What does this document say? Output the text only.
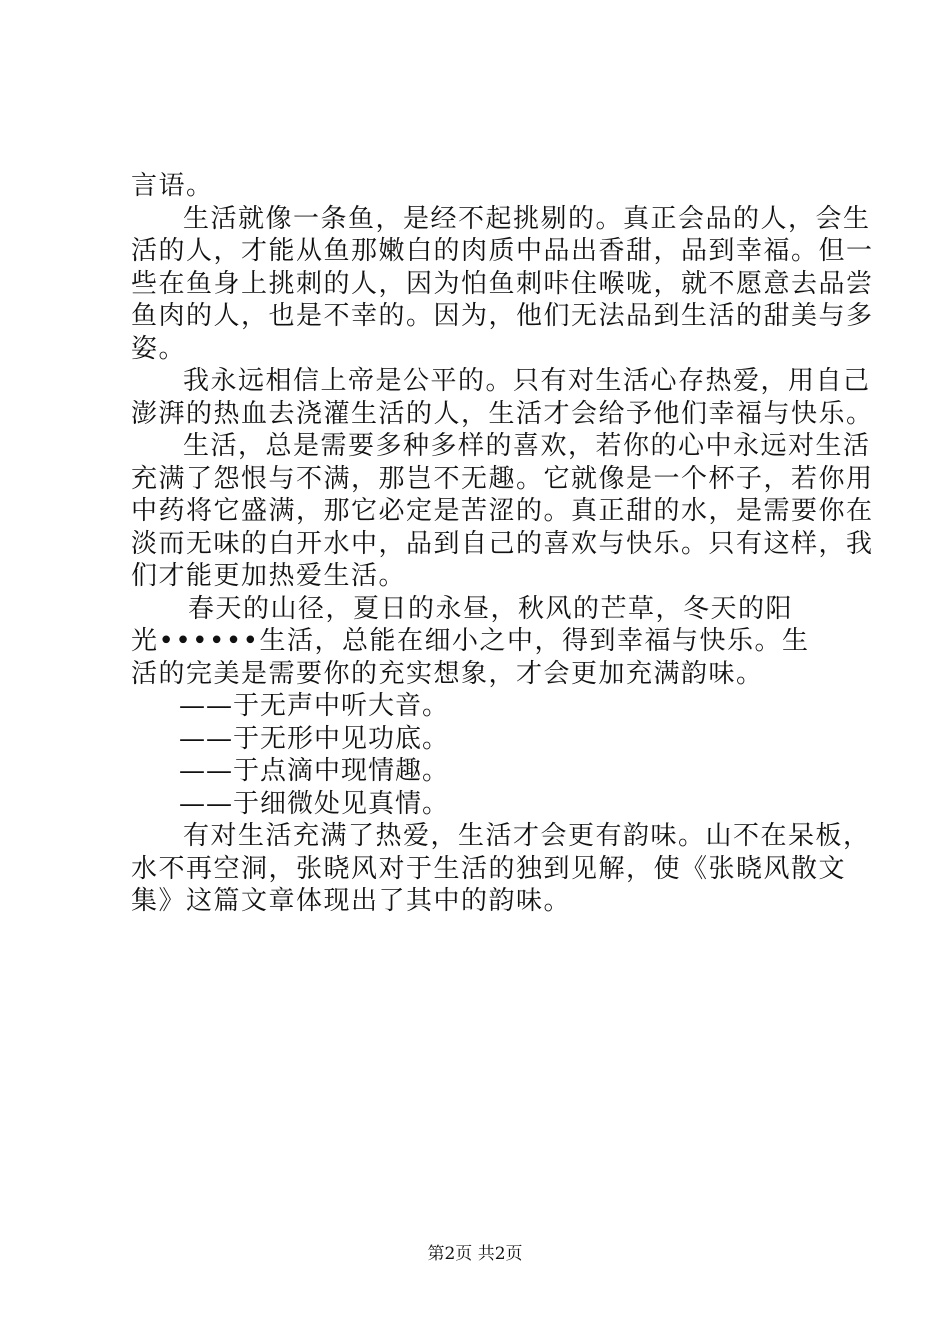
言语。

生活就像一条鱼，是经不起挑剔的。真正会品的人，会生

活的人，才能从鱼那嫩白的肉质中品出香甜，品到幸福。但一

些在鱼身上挑刺的人，因为怕鱼刺咔住喉咙，就不愿意去品尝

鱼肉的人，也是不幸的。因为，他们无法品到生活的甜美与多

姿。

我永远相信上帝是公平的。只有对生活心存热爱，用自己

澎湃的热血去浇灌生活的人，生活才会给予他们幸福与快乐。

生活，总是需要多种多样的喜欢，若你的心中永远对生活

充满了怨恨与不满，那岂不无趣。它就像是一个杯子，若你用

中药将它盛满，那它必定是苦涩的。真正甜的水，是需要你在

淡而无味的白开水中，品到自己的喜欢与快乐。只有这样，我

们才能更加热爱生活。

春天的山径，夏日的永昼，秋风的芒草，冬天的阳

光••••••生活，总能在细小之中，得到幸福与快乐。生

活的完美是需要你的充实想象，才会更加充满韵味。

——于无声中听大音。

——于无形中见功底。

——于点滴中现情趣。

——于细微处见真情。

有对生活充满了热爱，生活才会更有韵味。山不在呆板，

水不再空洞，张晓风对于生活的独到见解，使《张晓风散文

集》这篇文章体现出了其中的韵味。

第2页 共2页
